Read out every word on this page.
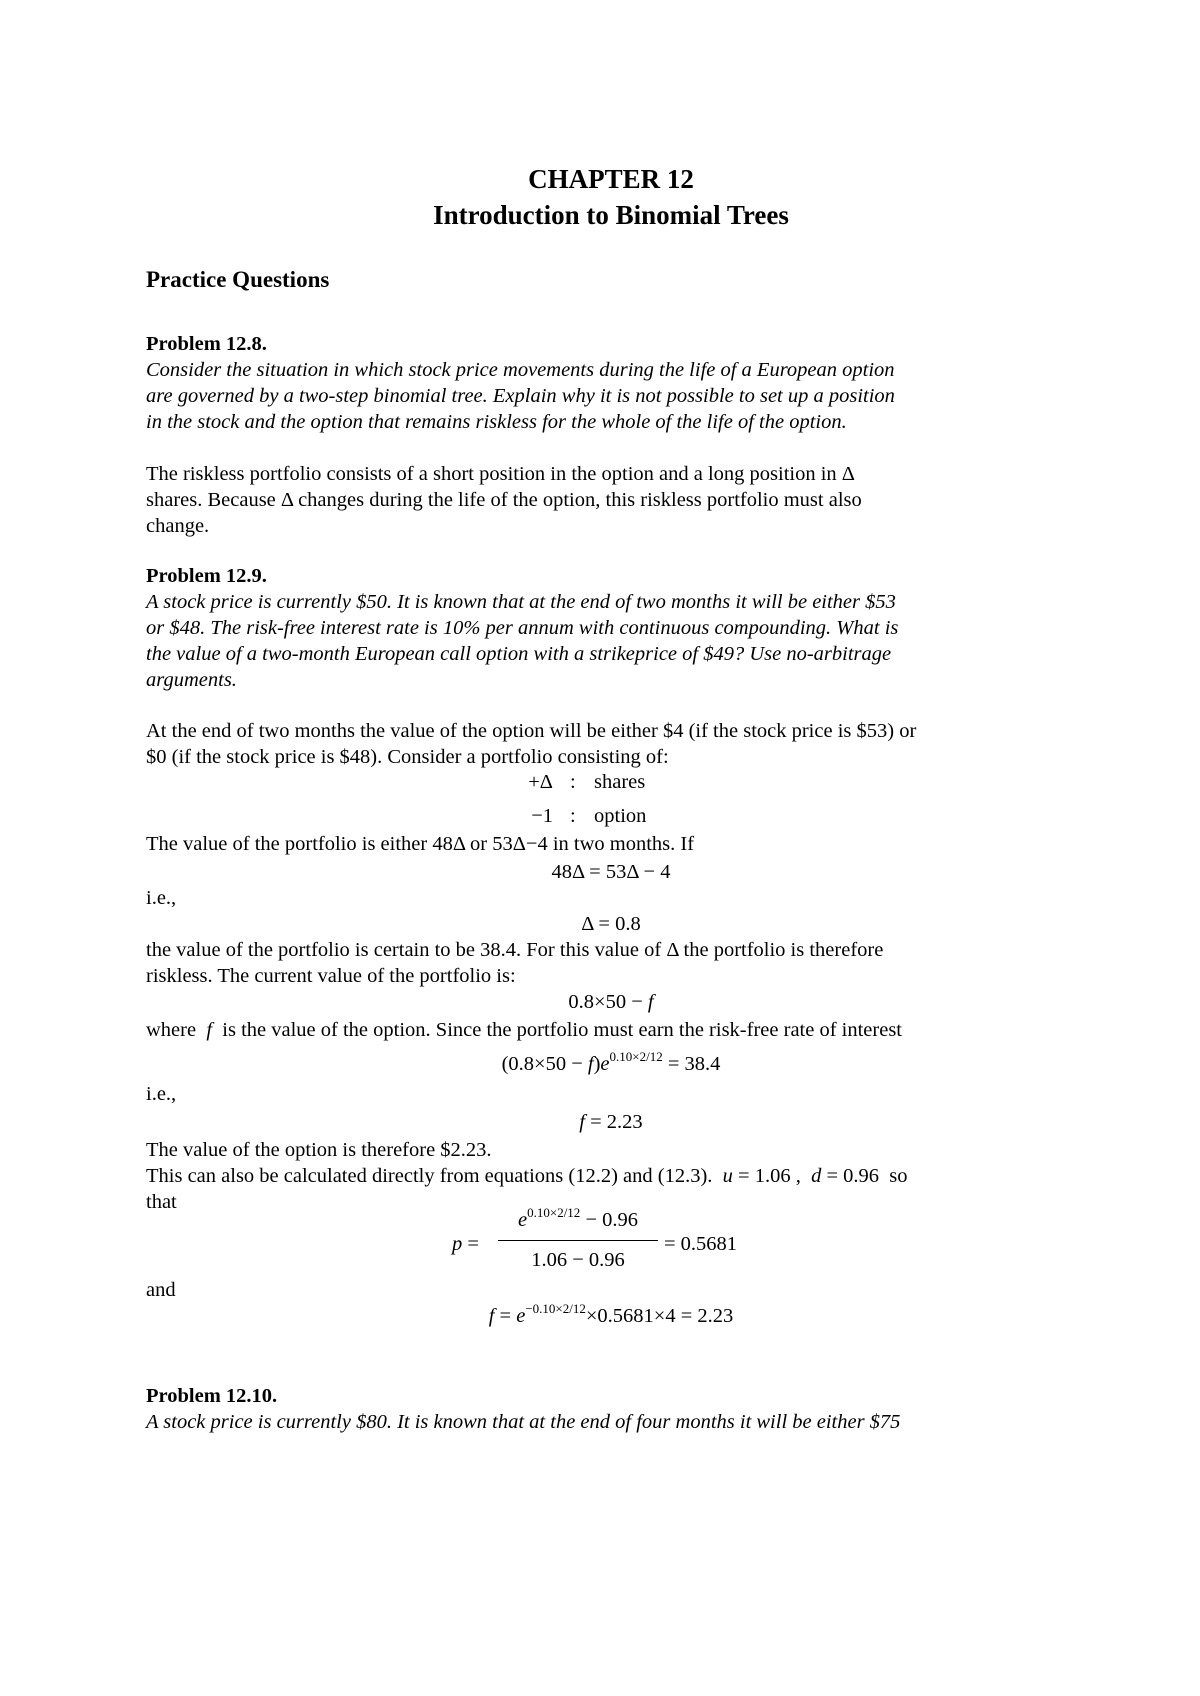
CHAPTER 12
Introduction to Binomial Trees
Practice Questions
Problem 12.8.
Consider the situation in which stock price movements during the life of a European option
are governed by a two-step binomial tree. Explain why it is not possible to set up a position
in the stock and the option that remains riskless for the whole of the life of the option.
The riskless portfolio consists of a short position in the option and a long position in Δ
shares. Because Δ changes during the life of the option, this riskless portfolio must also
change.
Problem 12.9.
A stock price is currently $50. It is known that at the end of two months it will be either $53
or $48. The risk-free interest rate is 10% per annum with continuous compounding. What is
the value of a two-month European call option with a strikeprice of $49? Use no-arbitrage
arguments.
At the end of two months the value of the option will be either $4 (if the stock price is $53) or
$0 (if the stock price is $48). Consider a portfolio consisting of:
+Δ : shares
−1 : option
The value of the portfolio is either 48Δ or 53Δ−4 in two months. If
48Δ = 53Δ − 4
i.e.,
Δ = 0.8
the value of the portfolio is certain to be 38.4. For this value of Δ the portfolio is therefore
riskless. The current value of the portfolio is:
0.8×50 − f
where f is the value of the option. Since the portfolio must earn the risk-free rate of interest
$(0.8\times 50 - f)e^{0.10\times 2/12} = 38.4$
i.e.,
f = 2.23
The value of the option is therefore $2.23.
This can also be calculated directly from equations (12.2) and (12.3). u = 1.06 , d = 0.96 so
that
p =
$e^{0.10\times 2/12} - 0.96$
1.06 − 0.96
= 0.5681
and
$f = e^{-0.10\times 2/12}\times 0.5681\times 4 = 2.23$
Problem 12.10.
A stock price is currently $80. It is known that at the end of four months it will be either $75
